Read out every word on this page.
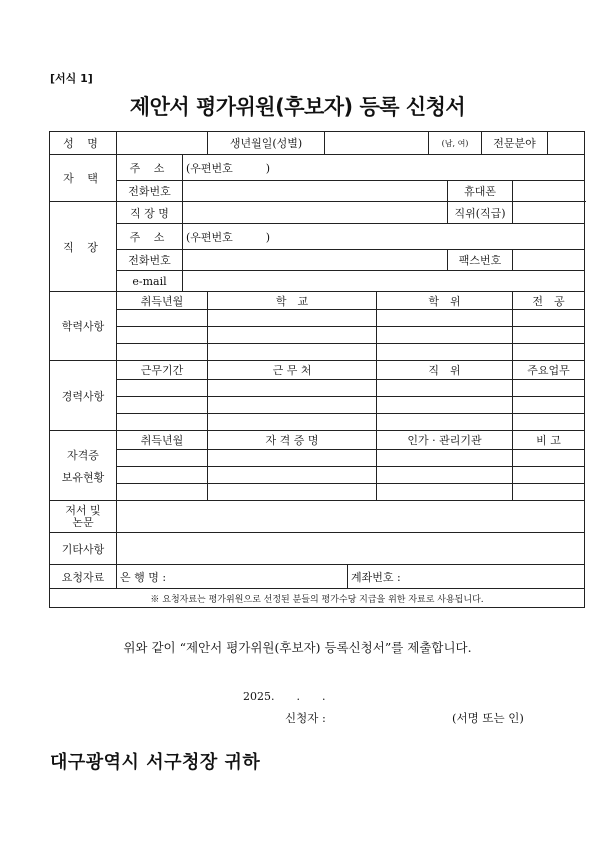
[서식 1]
제안서 평가위원(후보자) 등록 신청서
성 명			생년월일(성별)				(남, 여)		전문분야		
자 택	주 소	(우편번호　　　)									
	전화번호							휴대폰			
직 장	직 장 명							직위(직급)			
	주 소	(우편번호　　　)									
	전화번호							팩스번호			
	e-mail										
학력사항	취득년월		학　교			학　위				전　공	

경력사항	근무기간		근 무 처			직　위				주요업무	

자격증
보유현황	취득년월		자 격 증 명			인가 · 관리기관				비 고	

저서 및
논문											

기타사항											
요청자료	은 행 명 :				계좌번호 :						
※ 요청자료는 평가위원으로 선정된 분들의 평가수당 지급을 위한 자료로 사용됩니다.											
위와 같이 “제안서 평가위원(후보자) 등록신청서”를 제출합니다.
2025.　　.　　.
신청자 :	(서명 또는 인)
대구광역시 서구청장 귀하
